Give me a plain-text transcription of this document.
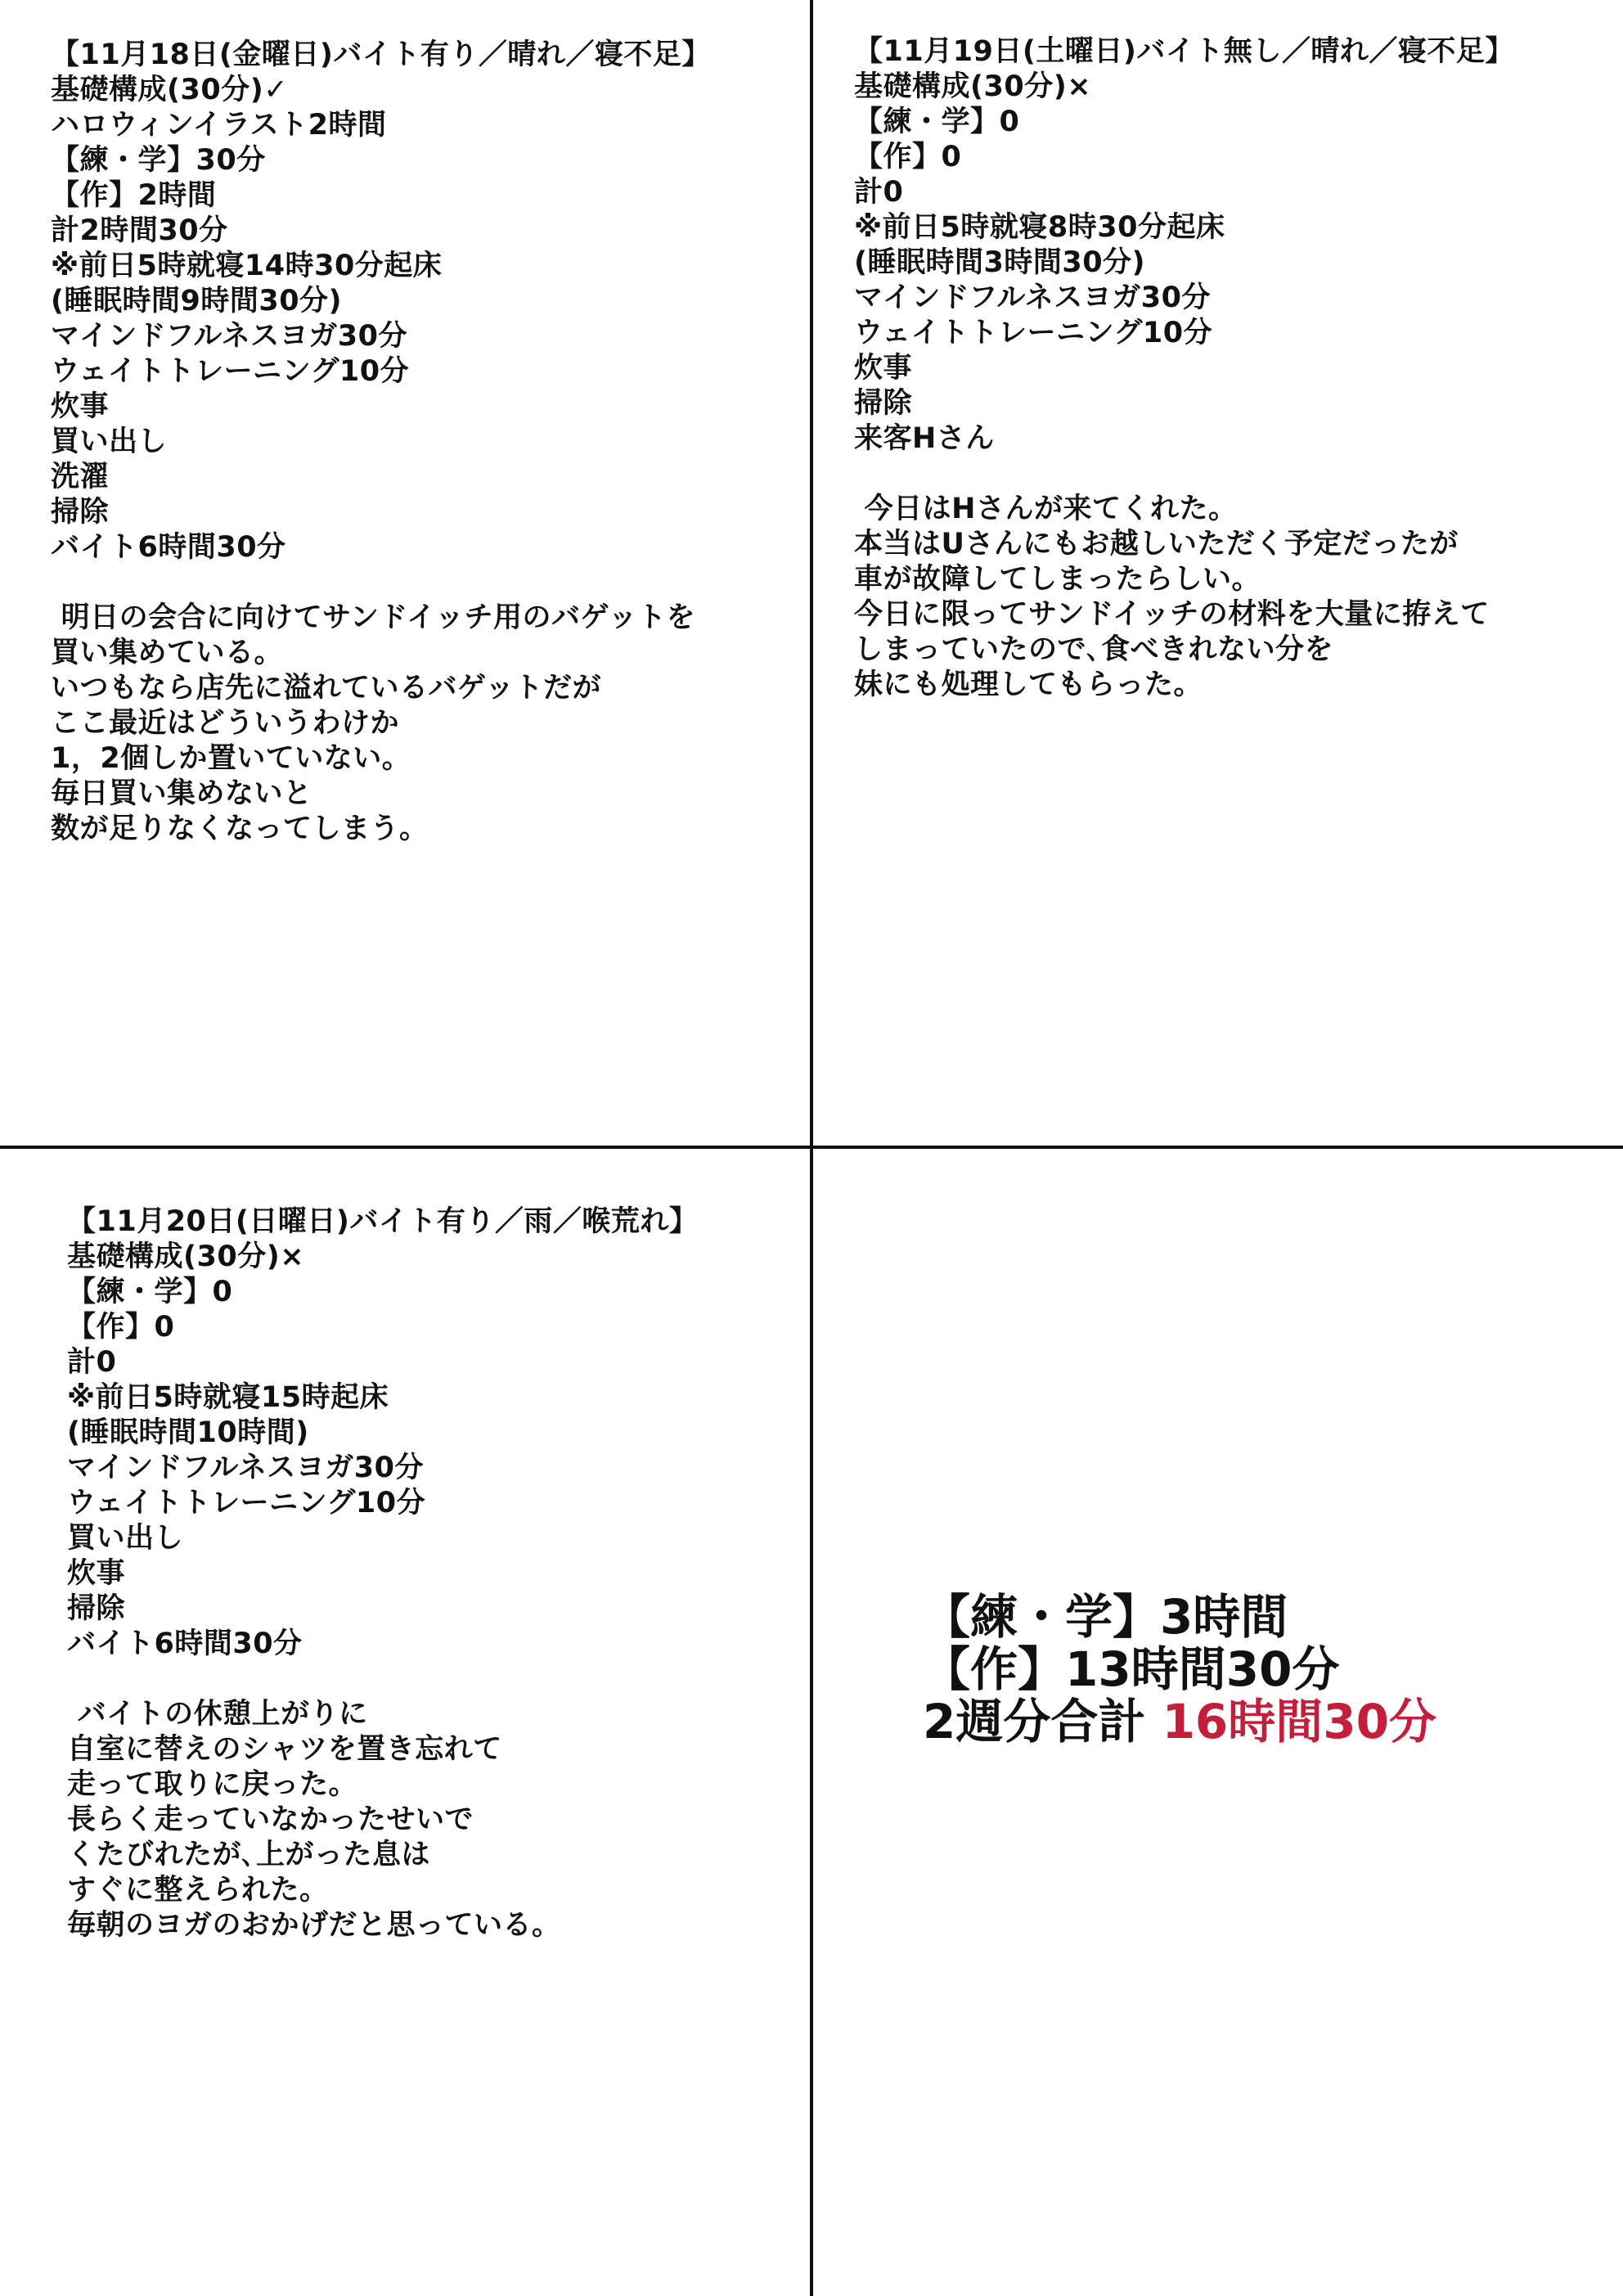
【11月18日(金曜日)バイト有り／晴れ／寝不足】
基礎構成(30分)✓
ハロウィンイラスト2時間
【練・学】30分
【作】2時間
計2時間30分
※前日5時就寝14時30分起床
(睡眠時間9時間30分)
マインドフルネスヨガ30分
ウェイトトレーニング10分
炊事
買い出し
洗濯
掃除
バイト6時間30分
明日の会合に向けてサンドイッチ用のバゲットを
買い集めている。
いつもなら店先に溢れているバゲットだが
ここ最近はどういうわけか
1，2個しか置いていない。
毎日買い集めないと
数が足りなくなってしまう。
【11月19日(土曜日)バイト無し／晴れ／寝不足】
基礎構成(30分)×
【練・学】0
【作】0
計0
※前日5時就寝8時30分起床
(睡眠時間3時間30分)
マインドフルネスヨガ30分
ウェイトトレーニング10分
炊事
掃除
来客Hさん
今日はHさんが来てくれた。
本当はUさんにもお越しいただく予定だったが
車が故障してしまったらしい。
今日に限ってサンドイッチの材料を大量に拵えて
しまっていたので､食べきれない分を
妹にも処理してもらった。
【11月20日(日曜日)バイト有り／雨／喉荒れ】
基礎構成(30分)×
【練・学】0
【作】0
計0
※前日5時就寝15時起床
(睡眠時間10時間)
マインドフルネスヨガ30分
ウェイトトレーニング10分
買い出し
炊事
掃除
バイト6時間30分
バイトの休憩上がりに
自室に替えのシャツを置き忘れて
走って取りに戻った。
長らく走っていなかったせいで
くたびれたが､上がった息は
すぐに整えられた。
毎朝のヨガのおかげだと思っている。
【練・学】3時間
【作】13時間30分
2週分合計 16時間30分
